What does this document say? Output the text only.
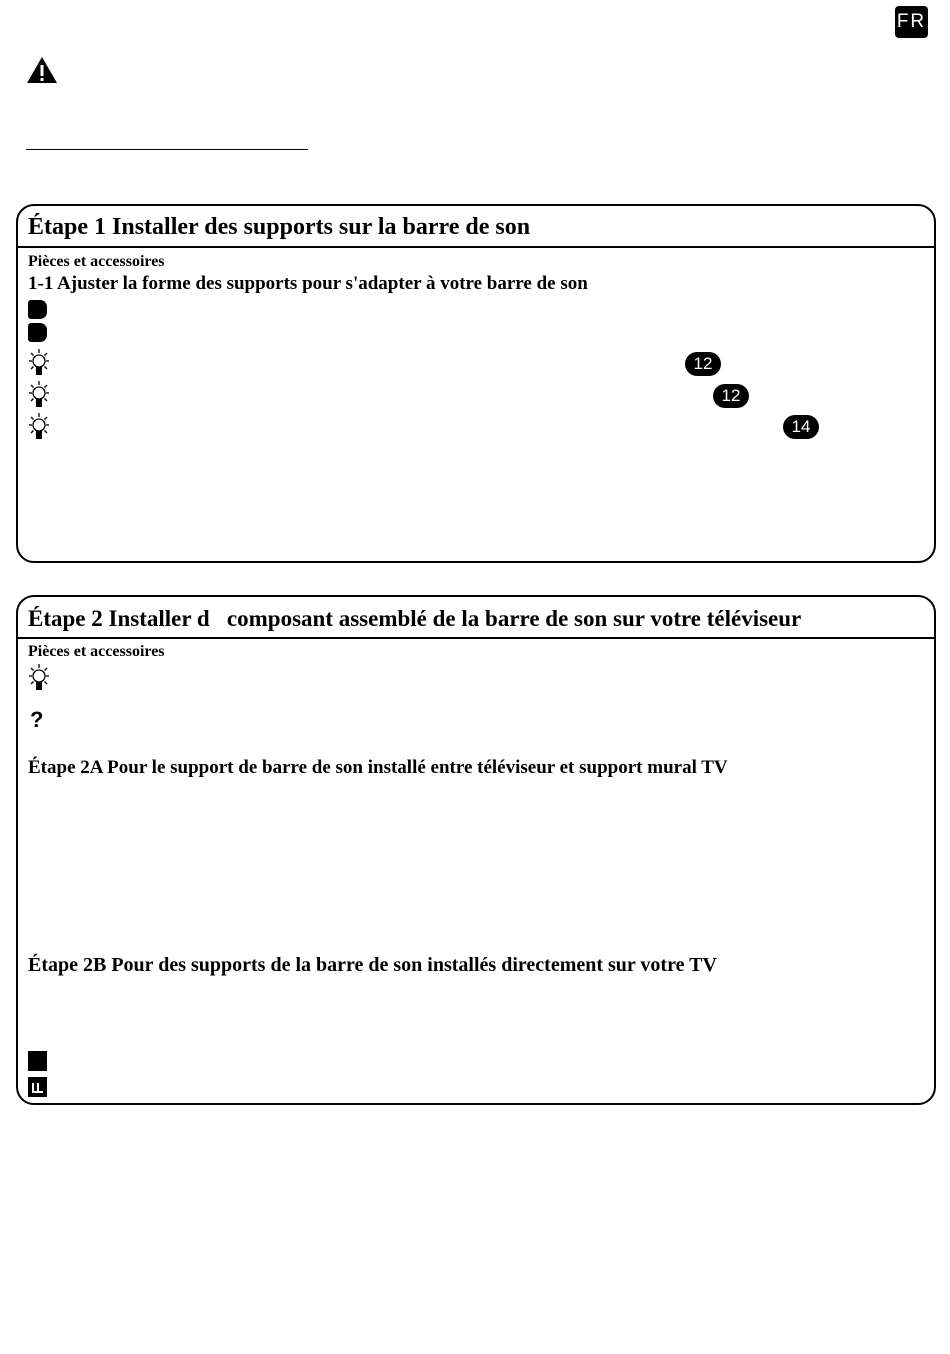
FR
Étape 1 Installer des supports sur la barre de son
Pièces et accessoires
1-1 Ajuster la forme des supports pour s'adapter à votre barre de son
12
12
14
Étape 2 Installer d   composant assemblé de la barre de son sur votre téléviseur
Pièces et accessoires
?
Étape 2A Pour le support de barre de son installé entre téléviseur et support mural TV
Étape 2B Pour des supports de la barre de son installés directement sur votre TV
